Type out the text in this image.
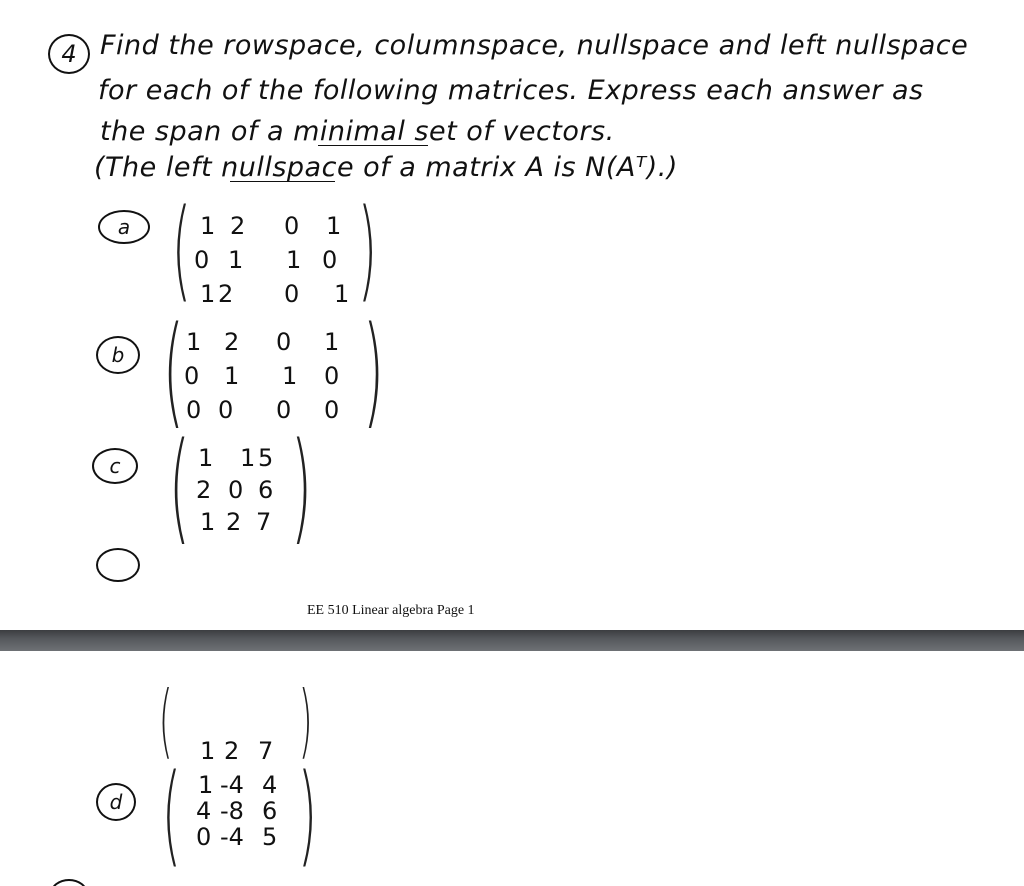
4 Find the rowspace, columnspace, nullspace and left nullspace
for each of the following matrices. Express each answer as
the span of a minimal set of vectors.
(The left nullspace of a matrix A is N(Aᵀ).)
a ( )
1 2 0 1
0 1 1 0
1 2 0 1
b ( )
1 2 0 1
0 1 1 0
0 0 0 0
c ( )
1 1 5
2 0 6
1 2 7
EE 510 Linear algebra Page 1
( )
1 2 7
d ( )
1 -4 4
4 -8 6
0 -4 5
